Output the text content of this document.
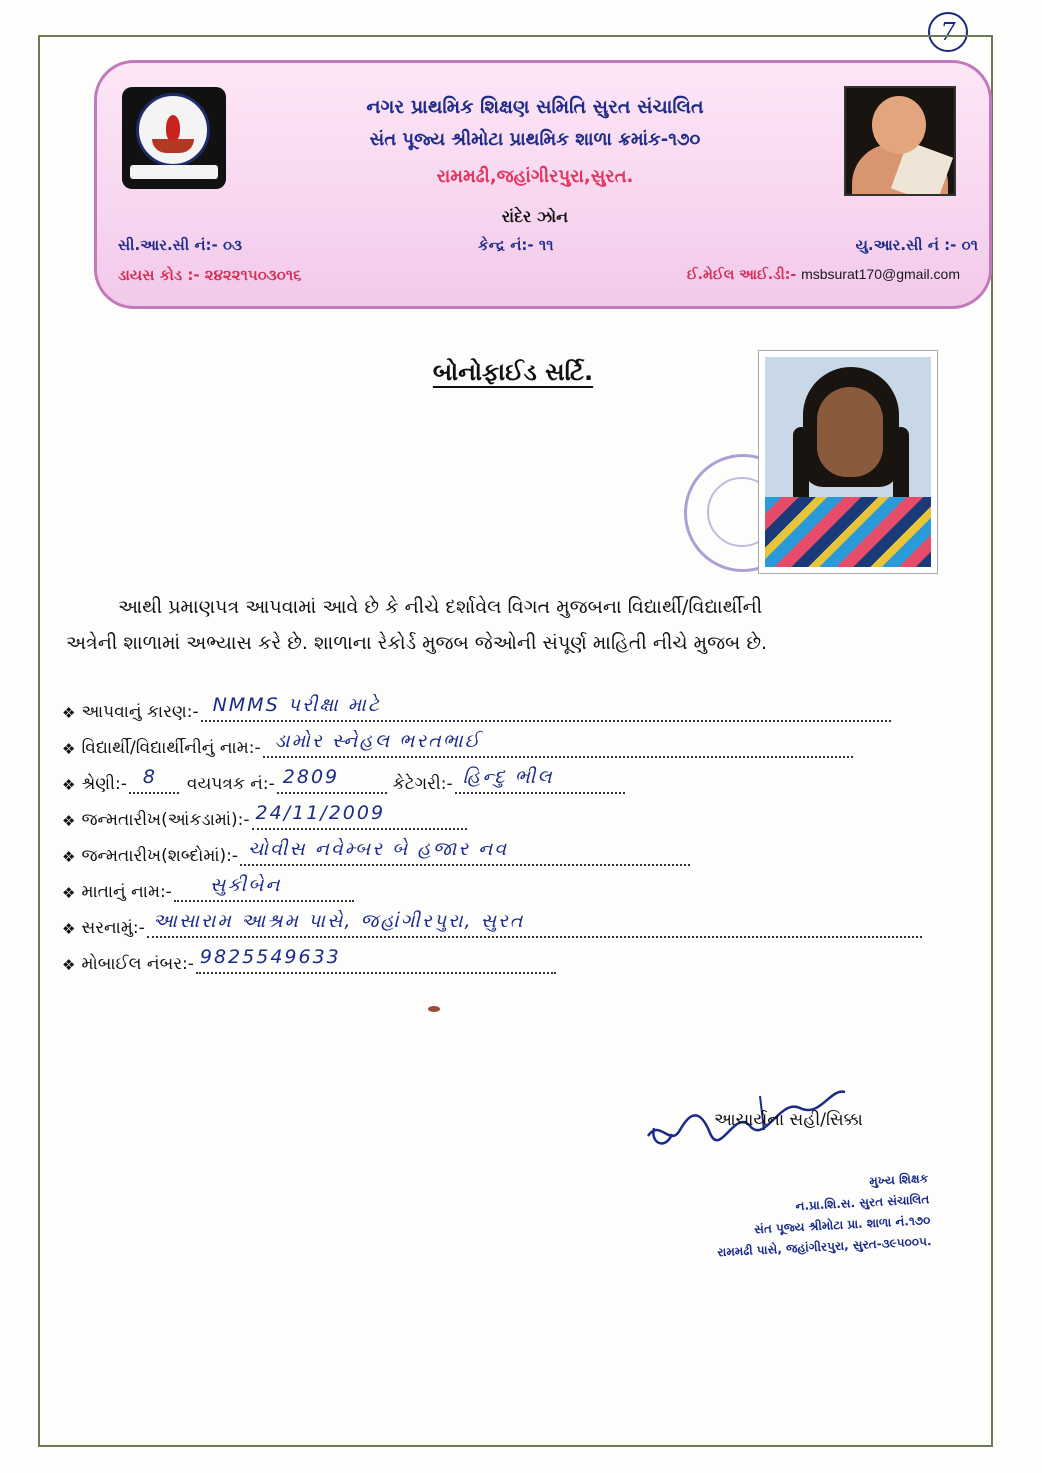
7
નગર પ્રાથમિક શિક્ષણ સમિતિ સુરત સંચાલિત
સંત પૂજ્ય શ્રીમોટા પ્રાથમિક શાળા ક્રમાંક-૧૭૦
રામમઢી,જહાંગીરપુરા,સુરત.
રાંદેર ઝોન
સી.આર.સી નં:- ૦૩	કેન્દ્ર નં:- ૧૧	યુ.આર.સી નં :- ૦૧
ડાયસ કોડ :- ૨૪૨૨૧૫૦૩૦૧૬	ઈ.મેઈલ આઈ.ડી:- msbsurat170@gmail.com
બોનોફાઈડ સર્ટિ.
આથી પ્રમાણપત્ર આપવામાં આવે છે કે નીચે દર્શાવેલ વિગત મુજબના વિદ્યાર્થી/વિદ્યાર્થીની
અત્રેની શાળામાં અભ્યાસ કરે છે. શાળાના રેકોર્ડ મુજબ જેઓની સંપૂર્ણ માહિતી નીચે મુજબ છે.
❖ આપવાનું કારણ:- NMMS પરીક્ષા માટે
❖ વિદ્યાર્થી/વિદ્યાર્થીનીનું નામ:- ડામોર સ્નેહલ ભરતભાઈ
❖ શ્રેણી:- 8 વયપત્રક નં:- 2809	કેટેગરી:- હિન્દુ ભીલ
❖ જન્મતારીખ(આંકડામાં):- 24/11/2009
❖ જન્મતારીખ(શબ્દોમાં):- ચોવીસ નવેમ્બર બે હજાર નવ
❖ માતાનું નામ:- સુકીબેન
❖ સરનામું:- આસારામ આશ્રમ પાસે, જહાંગીરપુરા, સુરત
❖ મોબાઈલ નંબર:- 9825549633
આચાર્યના સહી/સિક્કા
મુખ્ય શિક્ષક
ન.પ્રા.શિ.સ. સુરત સંચાલિત
સંત પૂજ્ય શ્રીમોટા પ્રા. શાળા નં.૧૭૦
રામમઢી પાસે, જહાંગીરપુરા, સુરત-૩૯૫૦૦૫.
